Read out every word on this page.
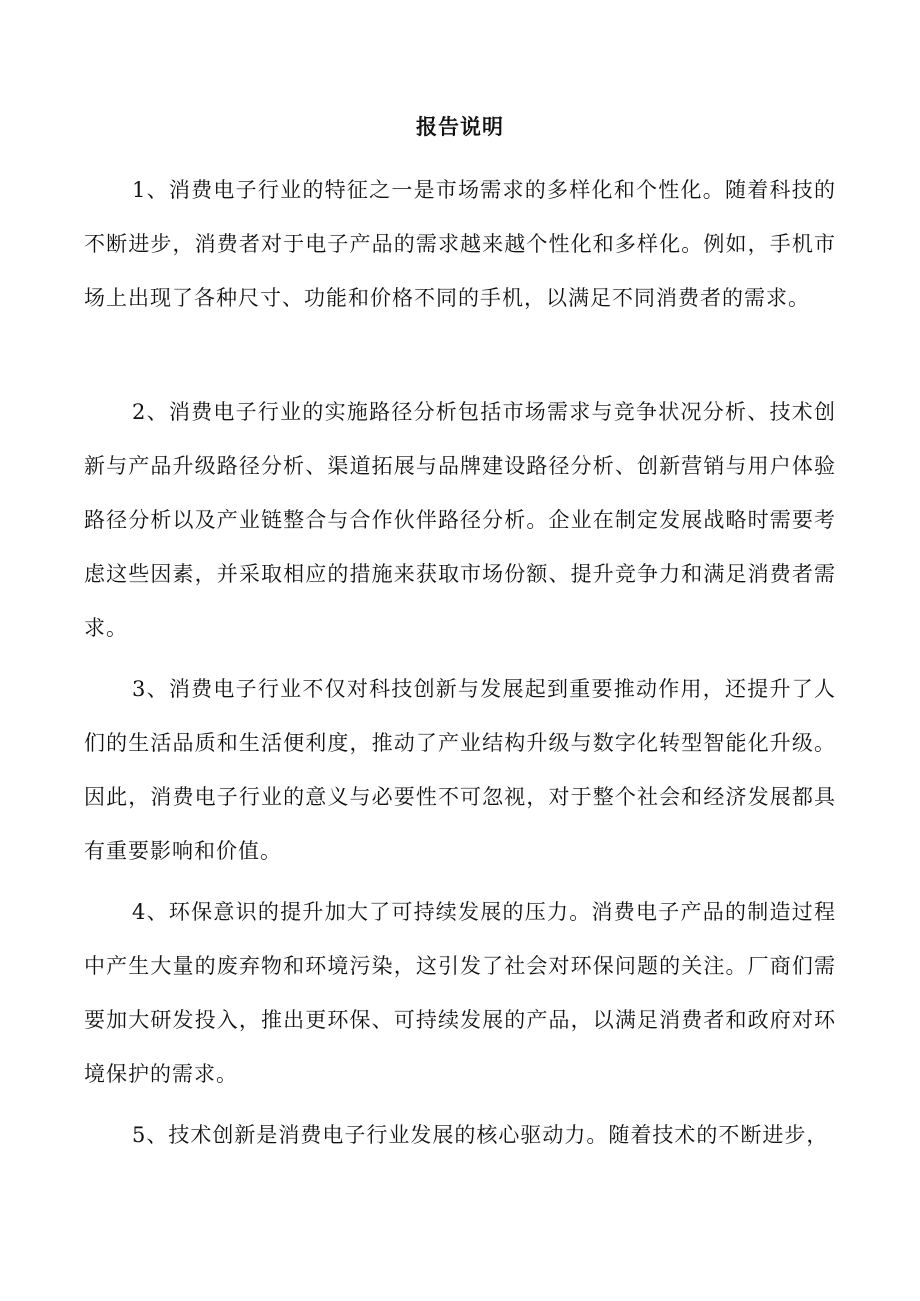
报告说明

1、消费电子行业的特征之一是市场需求的多样化和个性化。随着科技的不断进步，消费者对于电子产品的需求越来越个性化和多样化。例如，手机市场上出现了各种尺寸、功能和价格不同的手机，以满足不同消费者的需求。

2、消费电子行业的实施路径分析包括市场需求与竞争状况分析、技术创新与产品升级路径分析、渠道拓展与品牌建设路径分析、创新营销与用户体验路径分析以及产业链整合与合作伙伴路径分析。企业在制定发展战略时需要考虑这些因素，并采取相应的措施来获取市场份额、提升竞争力和满足消费者需求。

3、消费电子行业不仅对科技创新与发展起到重要推动作用，还提升了人们的生活品质和生活便利度，推动了产业结构升级与数字化转型智能化升级。因此，消费电子行业的意义与必要性不可忽视，对于整个社会和经济发展都具有重要影响和价值。

4、环保意识的提升加大了可持续发展的压力。消费电子产品的制造过程中产生大量的废弃物和环境污染，这引发了社会对环保问题的关注。厂商们需要加大研发投入，推出更环保、可持续发展的产品，以满足消费者和政府对环境保护的需求。

5、技术创新是消费电子行业发展的核心驱动力。随着技术的不断进步，
